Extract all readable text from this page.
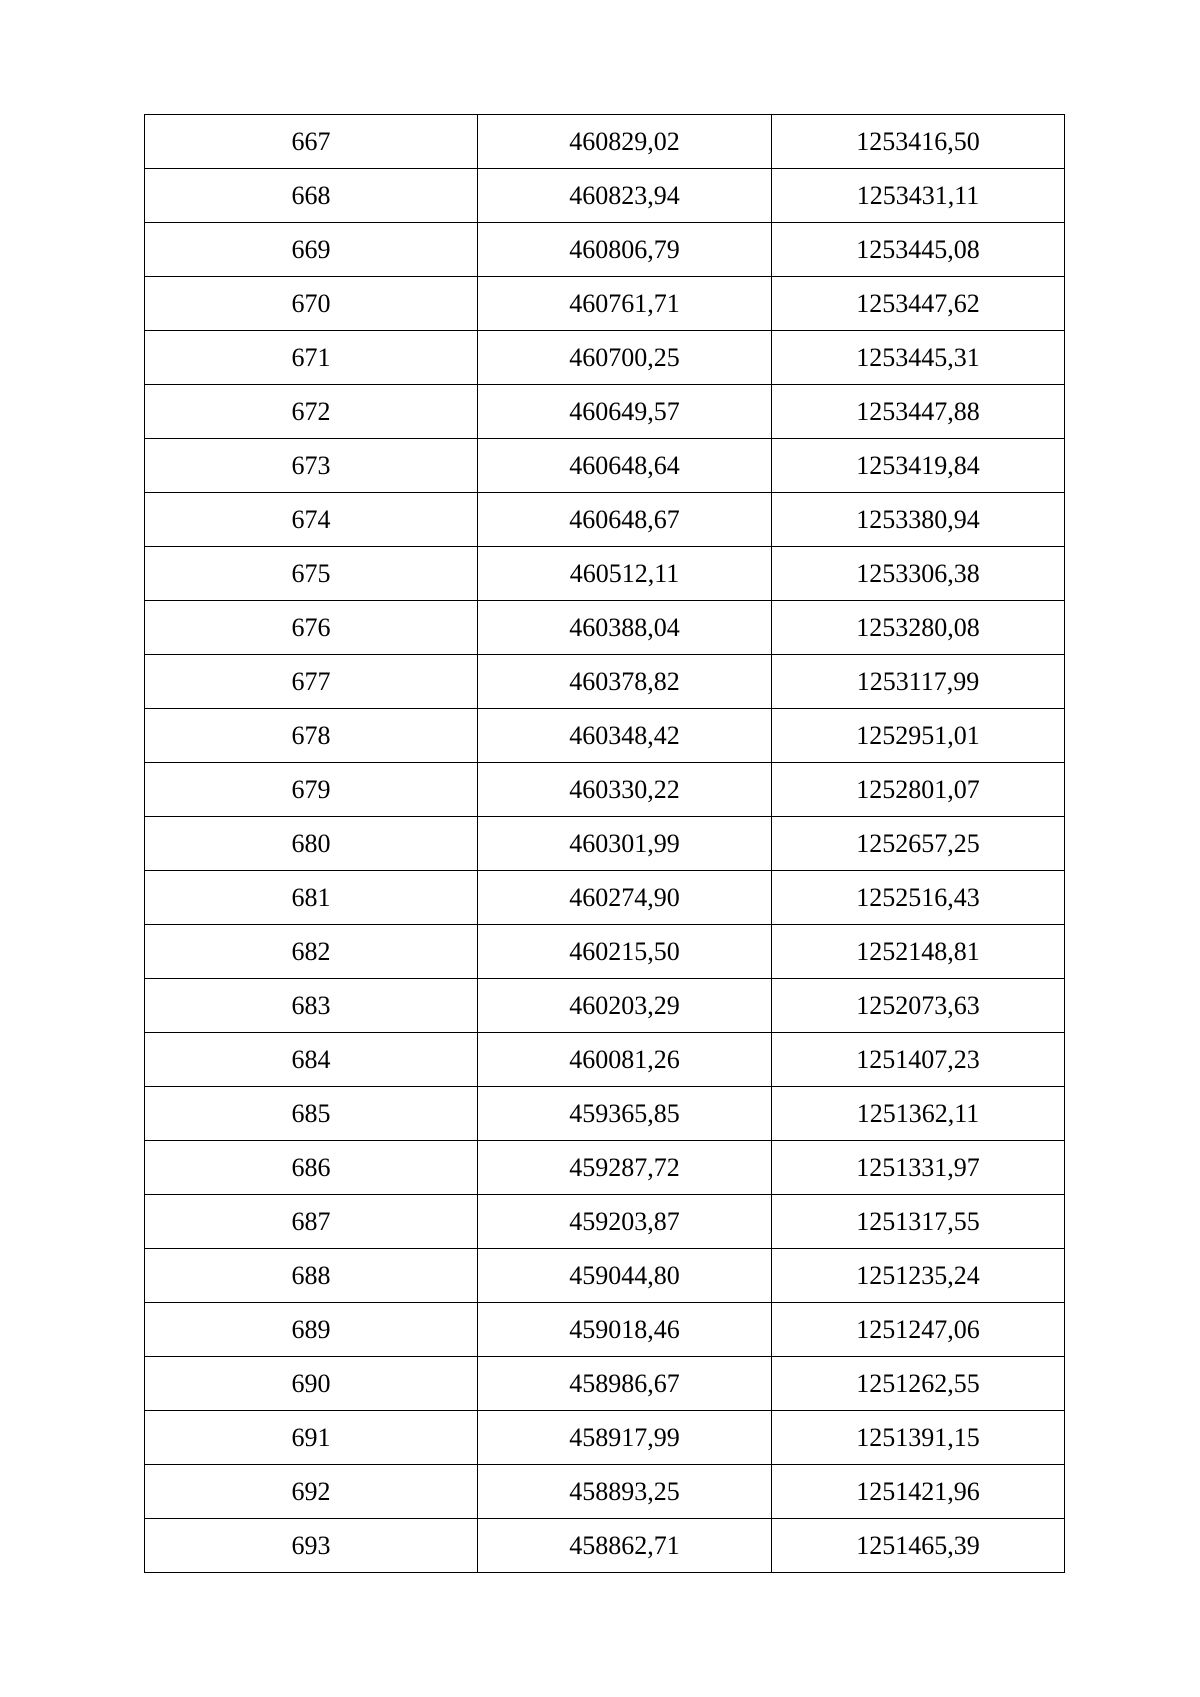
667	460829,02	1253416,50
668	460823,94	1253431,11
669	460806,79	1253445,08
670	460761,71	1253447,62
671	460700,25	1253445,31
672	460649,57	1253447,88
673	460648,64	1253419,84
674	460648,67	1253380,94
675	460512,11	1253306,38
676	460388,04	1253280,08
677	460378,82	1253117,99
678	460348,42	1252951,01
679	460330,22	1252801,07
680	460301,99	1252657,25
681	460274,90	1252516,43
682	460215,50	1252148,81
683	460203,29	1252073,63
684	460081,26	1251407,23
685	459365,85	1251362,11
686	459287,72	1251331,97
687	459203,87	1251317,55
688	459044,80	1251235,24
689	459018,46	1251247,06
690	458986,67	1251262,55
691	458917,99	1251391,15
692	458893,25	1251421,96
693	458862,71	1251465,39
